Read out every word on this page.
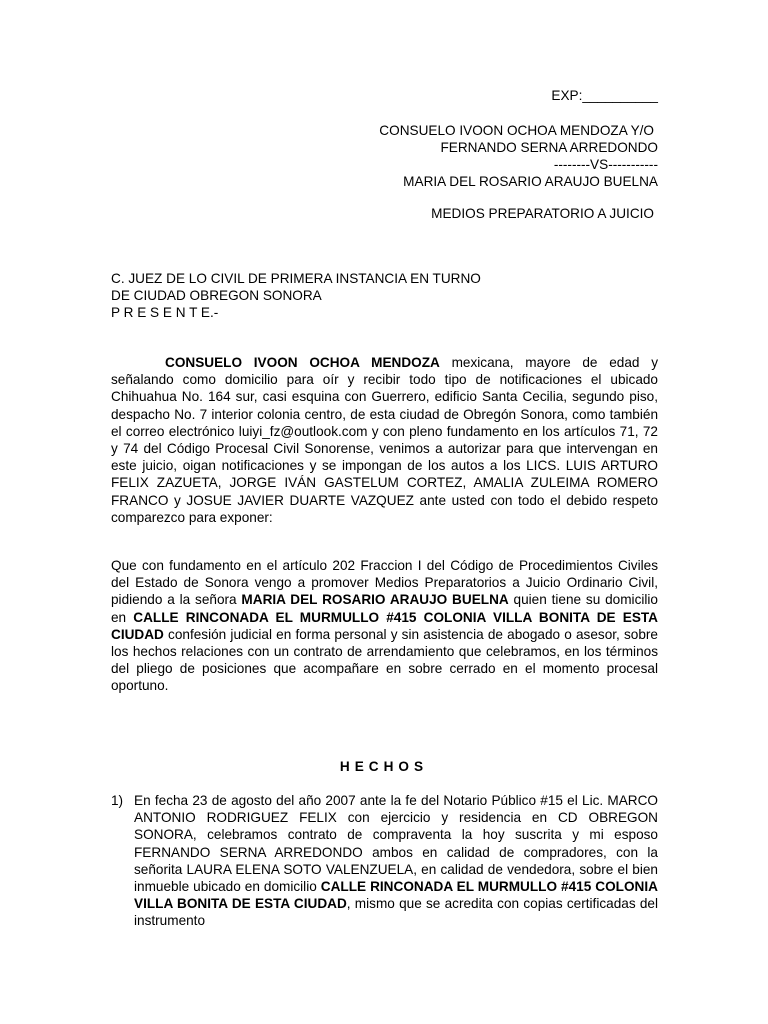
EXP:__________
CONSUELO IVOON OCHOA MENDOZA Y/O
FERNANDO SERNA ARREDONDO
--------VS-----------
MARIA DEL ROSARIO ARAUJO BUELNA
MEDIOS PREPARATORIO A JUICIO
C. JUEZ DE LO CIVIL DE PRIMERA INSTANCIA EN TURNO
DE CIUDAD OBREGON SONORA
P R E S E N T E.-
CONSUELO IVOON OCHOA MENDOZA mexicana, mayore de edad y señalando como domicilio para oír y recibir todo tipo de notificaciones el ubicado Chihuahua No. 164 sur, casi esquina con Guerrero, edificio Santa Cecilia, segundo piso, despacho No. 7 interior colonia centro, de esta ciudad de Obregón Sonora, como también el correo electrónico luiyi_fz@outlook.com y con pleno fundamento en los artículos 71, 72 y 74 del Código Procesal Civil Sonorense, venimos a autorizar para que intervengan en este juicio, oigan notificaciones y se impongan de los autos a los LICS. LUIS ARTURO FELIX ZAZUETA, JORGE IVÁN GASTELUM CORTEZ, AMALIA ZULEIMA ROMERO FRANCO y JOSUE JAVIER DUARTE VAZQUEZ ante usted con todo el debido respeto comparezco para exponer:
Que con fundamento en el artículo 202 Fraccion I del Código de Procedimientos Civiles del Estado de Sonora vengo a promover Medios Preparatorios a Juicio Ordinario Civil, pidiendo a la señora MARIA DEL ROSARIO ARAUJO BUELNA quien tiene su domicilio en CALLE RINCONADA EL MURMULLO #415 COLONIA VILLA BONITA DE ESTA CIUDAD confesión judicial en forma personal y sin asistencia de abogado o asesor, sobre los hechos relaciones con un contrato de arrendamiento que celebramos, en los términos del pliego de posiciones que acompañare en sobre cerrado en el momento procesal oportuno.
HECHOS
1) En fecha 23 de agosto del año 2007 ante la fe del Notario Público #15 el Lic. MARCO ANTONIO RODRIGUEZ FELIX con ejercicio y residencia en CD OBREGON SONORA, celebramos contrato de compraventa la hoy suscrita y mi esposo FERNANDO SERNA ARREDONDO ambos en calidad de compradores, con la señorita LAURA ELENA SOTO VALENZUELA, en calidad de vendedora, sobre el bien inmueble ubicado en domicilio CALLE RINCONADA EL MURMULLO #415 COLONIA VILLA BONITA DE ESTA CIUDAD, mismo que se acredita con copias certificadas del instrumento
